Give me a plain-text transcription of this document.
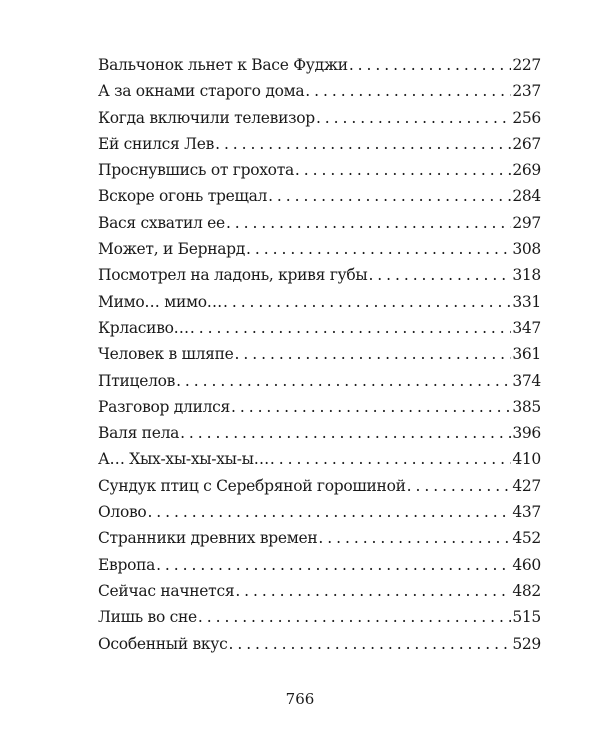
Вальчонок льнет к Васе Фуджи . . .	227
А за окнами старого дома . . .	237
Когда включили телевизор . . .	256
Ей снился Лев . . .	267
Проснувшись от грохота . . .	269
Вскоре огонь трещал . . .	284
Вася схватил ее . . .	297
Может, и Бернард . . .	308
Посмотрел на ладонь, кривя губы . . .	318
Мимо… мимо… . . .	331
Крласиво… . . .	347
Человек в шляпе . . .	361
Птицелов . . .	374
Разговор длился . . .	385
Валя пела . . .	396
А… Хых-хы-хы-хы-ы… . . .	410
Сундук птиц с Серебряной горошиной . . .	427
Олово . . .	437
Странники древних времен . . .	452
Европа . . .	460
Сейчас начнется . . .	482
Лишь во сне . . .	515
Особенный вкус . . .	529
766
